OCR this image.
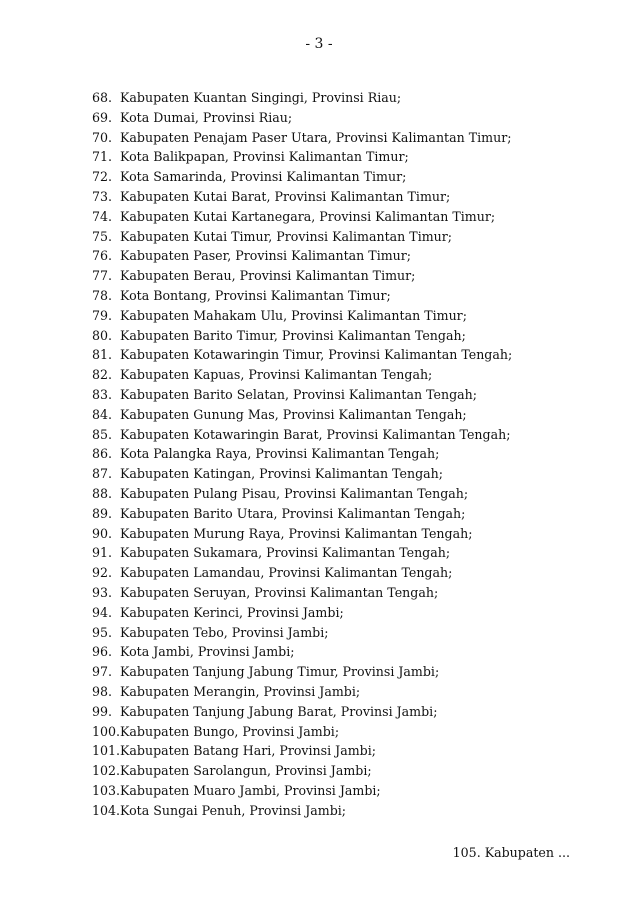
- 3 -
68. Kabupaten Kuantan Singingi, Provinsi Riau;
69. Kota Dumai, Provinsi Riau;
70. Kabupaten Penajam Paser Utara, Provinsi Kalimantan Timur;
71. Kota Balikpapan, Provinsi Kalimantan Timur;
72. Kota Samarinda, Provinsi Kalimantan Timur;
73. Kabupaten Kutai Barat, Provinsi Kalimantan Timur;
74. Kabupaten Kutai Kartanegara, Provinsi Kalimantan Timur;
75. Kabupaten Kutai Timur, Provinsi Kalimantan Timur;
76. Kabupaten Paser, Provinsi Kalimantan Timur;
77. Kabupaten Berau, Provinsi Kalimantan Timur;
78. Kota Bontang, Provinsi Kalimantan Timur;
79. Kabupaten Mahakam Ulu, Provinsi Kalimantan Timur;
80. Kabupaten Barito Timur, Provinsi Kalimantan Tengah;
81. Kabupaten Kotawaringin Timur, Provinsi Kalimantan Tengah;
82. Kabupaten Kapuas, Provinsi Kalimantan Tengah;
83. Kabupaten Barito Selatan, Provinsi Kalimantan Tengah;
84. Kabupaten Gunung Mas, Provinsi Kalimantan Tengah;
85. Kabupaten Kotawaringin Barat, Provinsi Kalimantan Tengah;
86. Kota Palangka Raya, Provinsi Kalimantan Tengah;
87. Kabupaten Katingan, Provinsi Kalimantan Tengah;
88. Kabupaten Pulang Pisau, Provinsi Kalimantan Tengah;
89. Kabupaten Barito Utara, Provinsi Kalimantan Tengah;
90. Kabupaten Murung Raya, Provinsi Kalimantan Tengah;
91. Kabupaten Sukamara, Provinsi Kalimantan Tengah;
92. Kabupaten Lamandau, Provinsi Kalimantan Tengah;
93. Kabupaten Seruyan, Provinsi Kalimantan Tengah;
94. Kabupaten Kerinci, Provinsi Jambi;
95. Kabupaten Tebo, Provinsi Jambi;
96. Kota Jambi, Provinsi Jambi;
97. Kabupaten Tanjung Jabung Timur, Provinsi Jambi;
98. Kabupaten Merangin, Provinsi Jambi;
99. Kabupaten Tanjung Jabung Barat, Provinsi Jambi;
100. Kabupaten Bungo, Provinsi Jambi;
101. Kabupaten Batang Hari, Provinsi Jambi;
102. Kabupaten Sarolangun, Provinsi Jambi;
103. Kabupaten Muaro Jambi, Provinsi Jambi;
104. Kota Sungai Penuh, Provinsi Jambi;
105. Kabupaten ...
